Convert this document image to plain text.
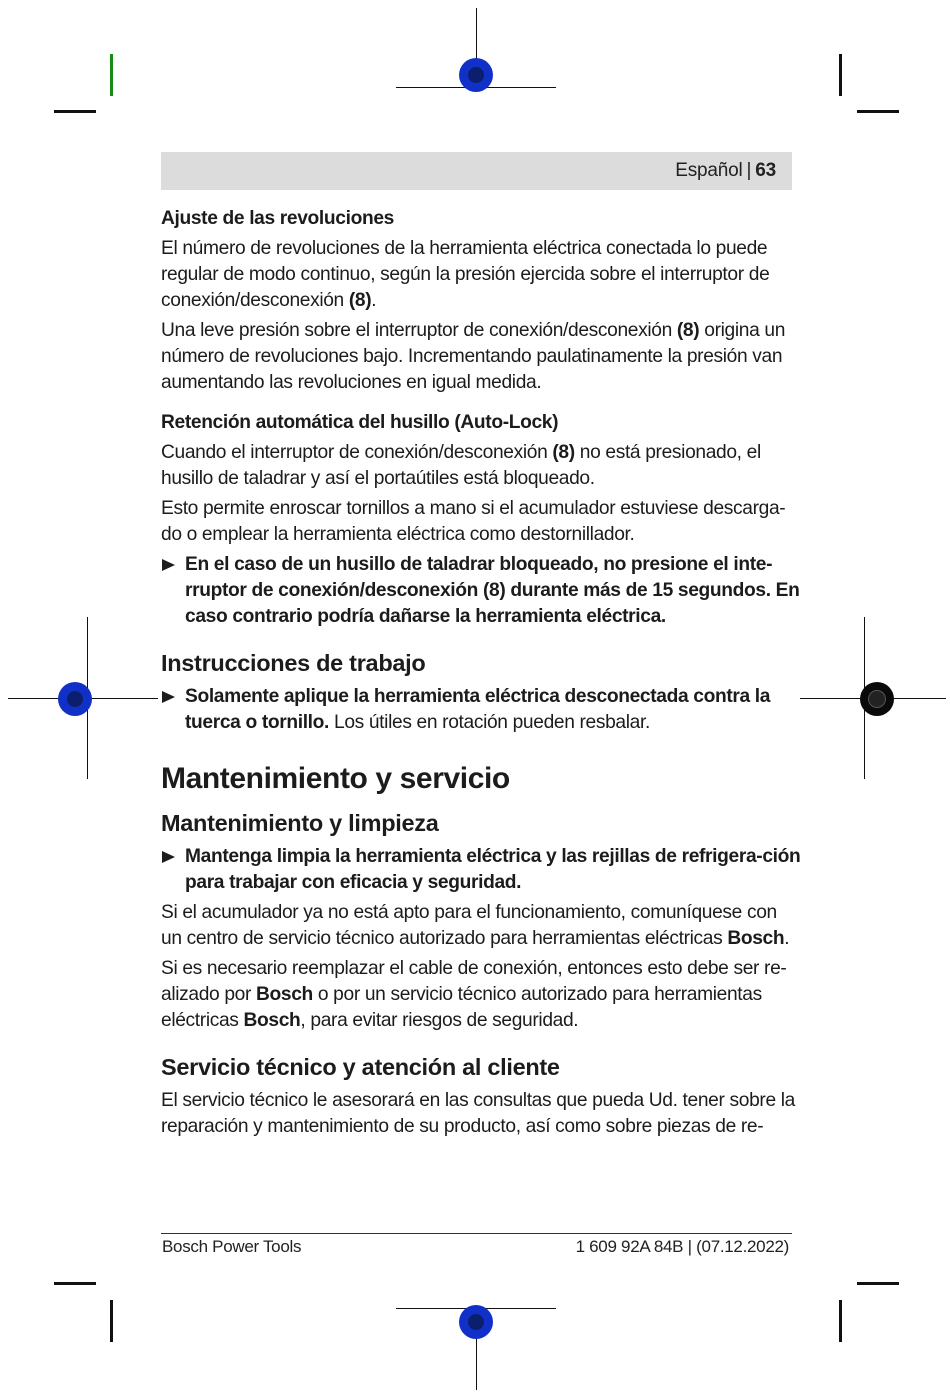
Español | 63
Ajuste de las revoluciones

El número de revoluciones de la herramienta eléctrica conectada lo puede regular de modo continuo, según la presión ejercida sobre el interruptor de conexión/desconexión (8).

Una leve presión sobre el interruptor de conexión/desconexión (8) origina un número de revoluciones bajo. Incrementando paulatinamente la presión van aumentando las revoluciones en igual medida.

Retención automática del husillo (Auto-Lock)

Cuando el interruptor de conexión/desconexión (8) no está presionado, el husillo de taladrar y así el portaútiles está bloqueado.

Esto permite enroscar tornillos a mano si el acumulador estuviese descarga-do o emplear la herramienta eléctrica como destornillador.

En el caso de un husillo de taladrar bloqueado, no presione el inte-rruptor de conexión/desconexión (8) durante más de 15 segundos. En caso contrario podría dañarse la herramienta eléctrica.
Instrucciones de trabajo
Solamente aplique la herramienta eléctrica desconectada contra la tuerca o tornillo. Los útiles en rotación pueden resbalar.
Mantenimiento y servicio
Mantenimiento y limpieza
Mantenga limpia la herramienta eléctrica y las rejillas de refrigera-ción para trabajar con eficacia y seguridad.

Si el acumulador ya no está apto para el funcionamiento, comuníquese con un centro de servicio técnico autorizado para herramientas eléctricas Bosch.

Si es necesario reemplazar el cable de conexión, entonces esto debe ser re-alizado por Bosch o por un servicio técnico autorizado para herramientas eléctricas Bosch, para evitar riesgos de seguridad.

Servicio técnico y atención al cliente

El servicio técnico le asesorará en las consultas que pueda Ud. tener sobre la reparación y mantenimiento de su producto, así como sobre piezas de re-

Bosch Power Tools	1 609 92A 84B | (07.12.2022)
